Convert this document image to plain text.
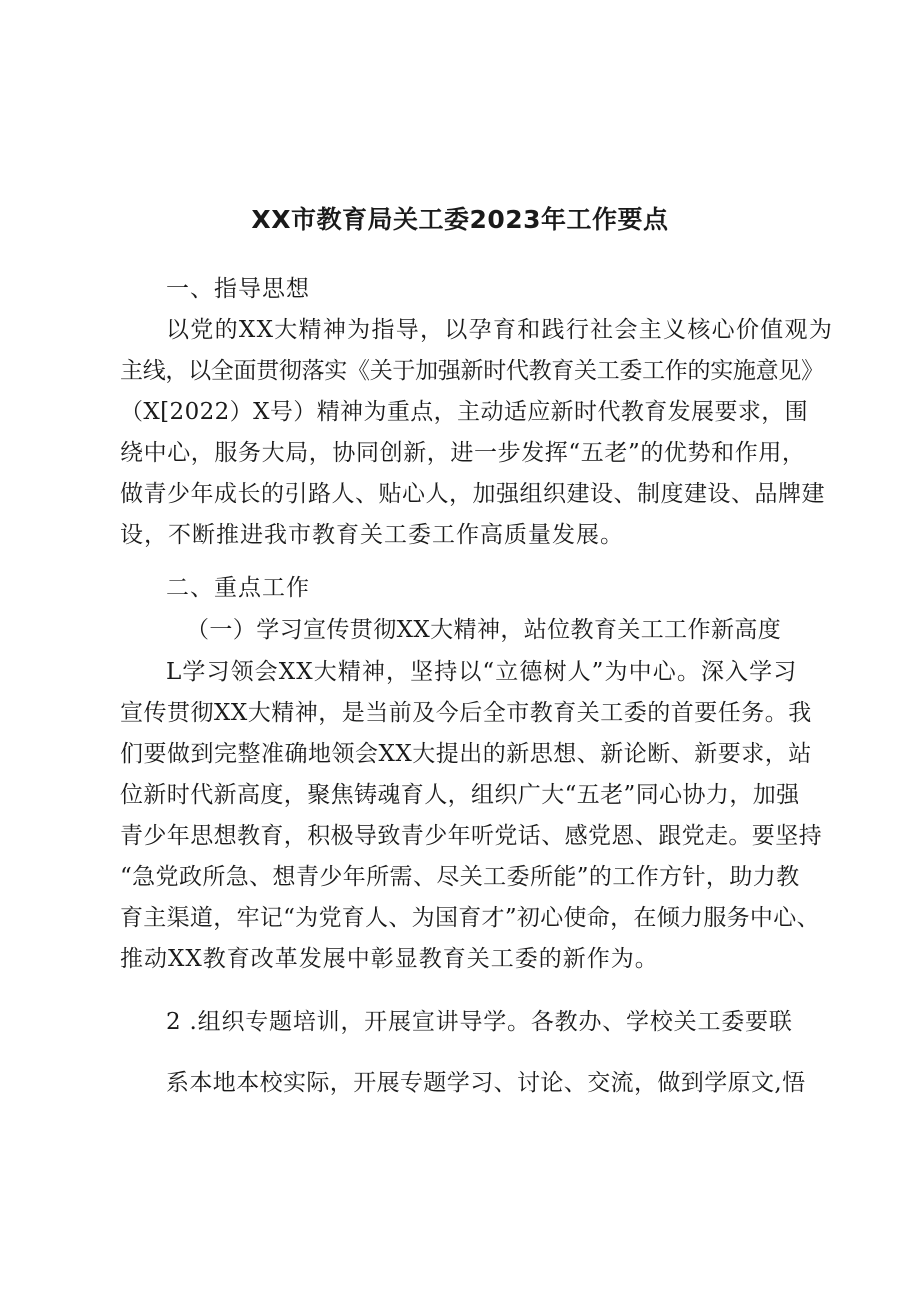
XX市教育局关工委2023年工作要点

一、指导思想

以党的XX大精神为指导，以孕育和践行社会主义核心价值观为
主线，以全面贯彻落实《关于加强新时代教育关工委工作的实施意见》
（X[2022）X号）精神为重点，主动适应新时代教育发展要求，围
绕中心，服务大局，协同创新，进一步发挥“五老”的优势和作用，
做青少年成长的引路人、贴心人，加强组织建设、制度建设、品牌建
设，不断推进我市教育关工委工作高质量发展。

二、重点工作

（一）学习宣传贯彻XX大精神，站位教育关工工作新高度

L学习领会XX大精神，坚持以“立德树人”为中心。深入学习
宣传贯彻XX大精神，是当前及今后全市教育关工委的首要任务。我
们要做到完整准确地领会XX大提出的新思想、新论断、新要求，站
位新时代新高度，聚焦铸魂育人，组织广大“五老”同心协力，加强
青少年思想教育，积极导致青少年听党话、感党恩、跟党走。要坚持
“急党政所急、想青少年所需、尽关工委所能”的工作方针，助力教
育主渠道，牢记“为党育人、为国育才”初心使命，在倾力服务中心、
推动XX教育改革发展中彰显教育关工委的新作为。

2 .组织专题培训，开展宣讲导学。各教办、学校关工委要联

系本地本校实际，开展专题学习、讨论、交流，做到学原文,悟
